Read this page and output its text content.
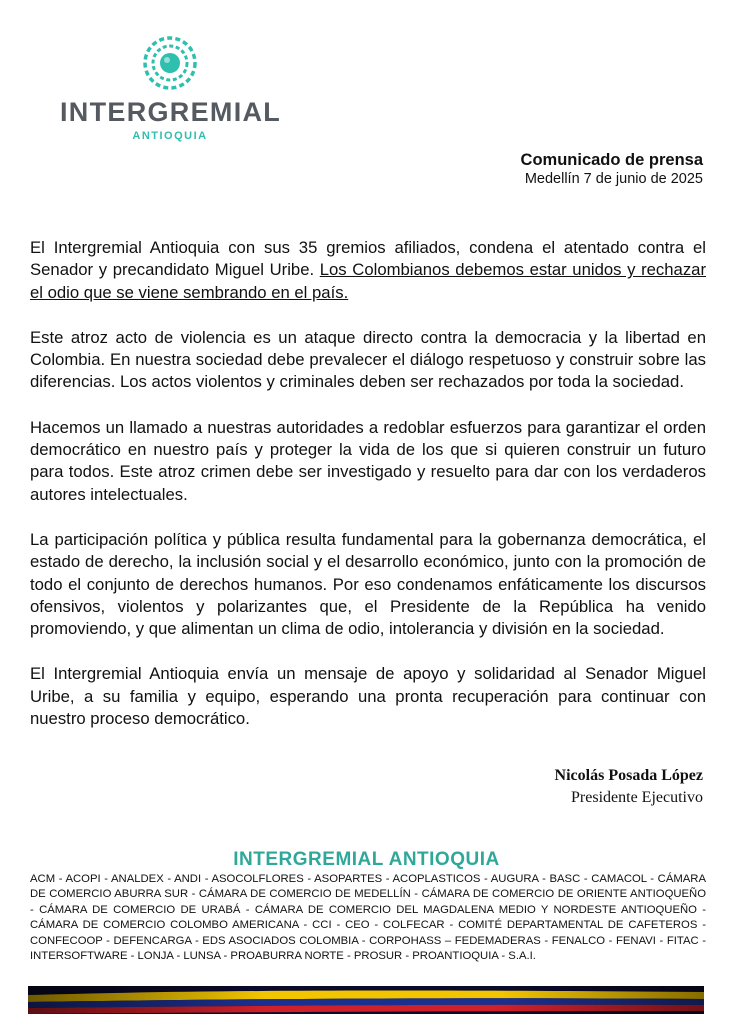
INTERGREMIAL
ANTIOQUIA
Comunicado de prensa
Medellín 7 de junio de 2025

El Intergremial Antioquia con sus 35 gremios afiliados, condena el atentado contra el Senador y precandidato Miguel Uribe. Los Colombianos debemos estar unidos y rechazar el odio que se viene sembrando en el país.

Este atroz acto de violencia es un ataque directo contra la democracia y la libertad en Colombia. En nuestra sociedad debe prevalecer el diálogo respetuoso y construir sobre las diferencias. Los actos violentos y criminales deben ser rechazados por toda la sociedad.

Hacemos un llamado a nuestras autoridades a redoblar esfuerzos para garantizar el orden democrático en nuestro país y proteger la vida de los que si quieren construir un futuro para todos. Este atroz crimen debe ser investigado y resuelto para dar con los verdaderos autores intelectuales.

La participación política y pública resulta fundamental para la gobernanza democrática, el estado de derecho, la inclusión social y el desarrollo económico, junto con la promoción de todo el conjunto de derechos humanos. Por eso condenamos enfáticamente los discursos ofensivos, violentos y polarizantes que, el Presidente de la República ha venido promoviendo, y que alimentan un clima de odio, intolerancia y división en la sociedad.

El Intergremial Antioquia envía un mensaje de apoyo y solidaridad al Senador Miguel Uribe, a su familia y equipo, esperando una pronta recuperación para continuar con nuestro proceso democrático.

Nicolás Posada López
Presidente Ejecutivo
INTERGREMIAL ANTIOQUIA
ACM - ACOPI - ANALDEX - ANDI - ASOCOLFLORES - ASOPARTES - ACOPLASTICOS - AUGURA - BASC - CAMACOL - CÁMARA DE COMERCIO ABURRA SUR - CÁMARA DE COMERCIO DE MEDELLÍN - CÁMARA DE COMERCIO DE ORIENTE ANTIOQUEÑO - CÁMARA DE COMERCIO DE URABÁ - CÁMARA DE COMERCIO DEL MAGDALENA MEDIO Y NORDESTE ANTIOQUEÑO - CÁMARA DE COMERCIO COLOMBO AMERICANA - CCI - CEO - COLFECAR - COMITÉ DEPARTAMENTAL DE CAFETEROS - CONFECOOP - DEFENCARGA - EDS ASOCIADOS COLOMBIA - CORPOHASS – FEDEMADERAS - FENALCO - FENAVI - FITAC - INTERSOFTWARE - LONJA - LUNSA - PROABURRA NORTE - PROSUR - PROANTIOQUIA - S.A.I.
